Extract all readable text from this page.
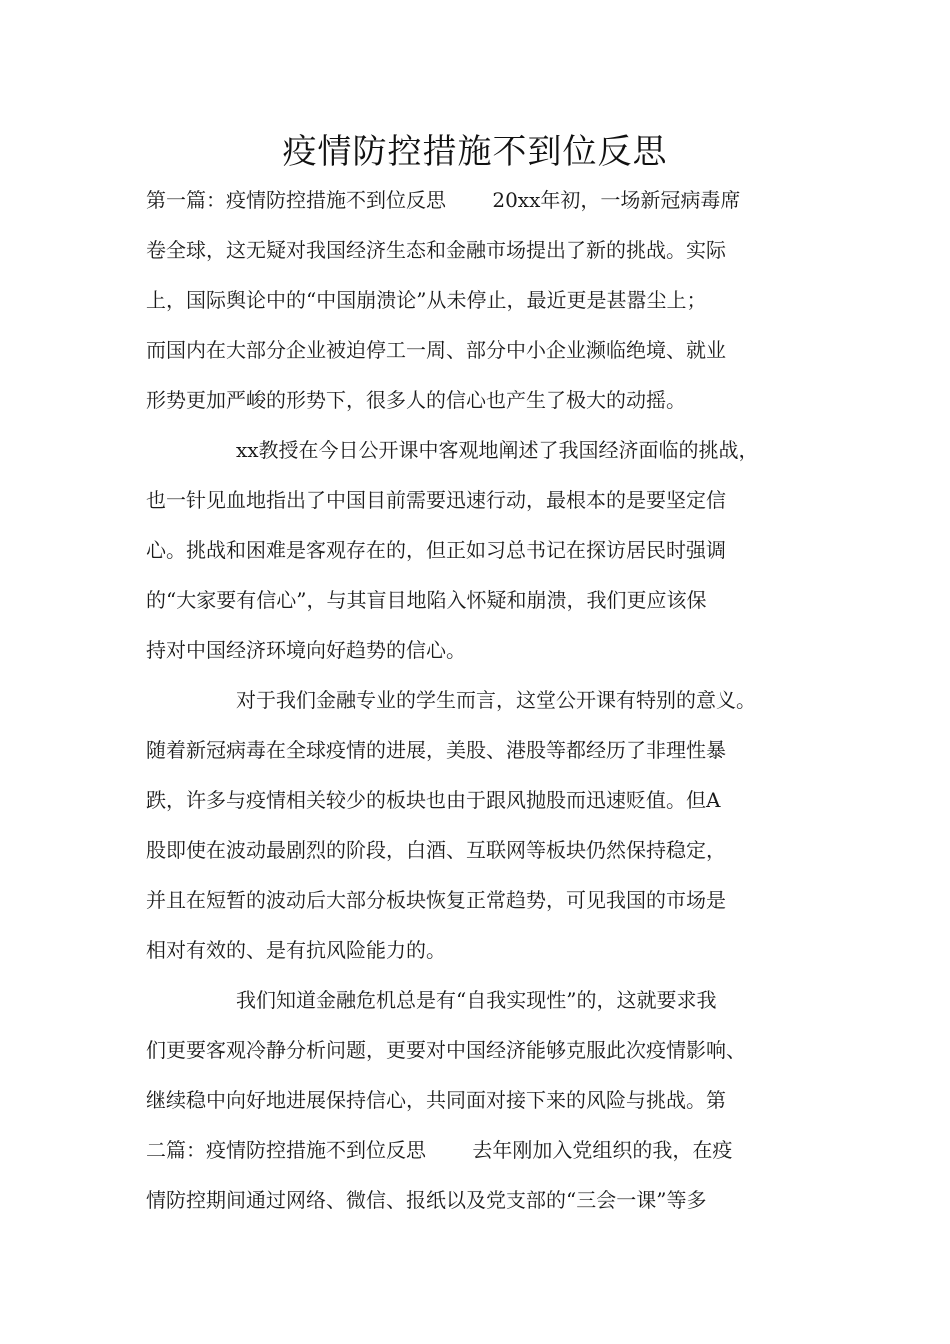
疫情防控措施不到位反思
第一篇：疫情防控措施不到位反思　　 20xx年初，一场新冠病毒席
卷全球，这无疑对我国经济生态和金融市场提出了新的挑战。实际
上，国际舆论中的“中国崩溃论”从未停止，最近更是甚嚣尘上；
而国内在大部分企业被迫停工一周、部分中小企业濒临绝境、就业
形势更加严峻的形势下，很多人的信心也产生了极大的动摇。
xx教授在今日公开课中客观地阐述了我国经济面临的挑战，
也一针见血地指出了中国目前需要迅速行动，最根本的是要坚定信
心。挑战和困难是客观存在的，但正如习总书记在探访居民时强调
的“大家要有信心”，与其盲目地陷入怀疑和崩溃，我们更应该保
持对中国经济环境向好趋势的信心。
对于我们金融专业的学生而言，这堂公开课有特别的意义。
随着新冠病毒在全球疫情的进展，美股、港股等都经历了非理性暴
跌，许多与疫情相关较少的板块也由于跟风抛股而迅速贬值。但A
股即使在波动最剧烈的阶段，白酒、互联网等板块仍然保持稳定，
并且在短暂的波动后大部分板块恢复正常趋势，可见我国的市场是
相对有效的、是有抗风险能力的。
我们知道金融危机总是有“自我实现性”的，这就要求我
们更要客观冷静分析问题，更要对中国经济能够克服此次疫情影响、
继续稳中向好地进展保持信心，共同面对接下来的风险与挑战。第
二篇：疫情防控措施不到位反思　　 去年刚加入党组织的我，在疫
情防控期间通过网络、微信、报纸以及党支部的“三会一课”等多
